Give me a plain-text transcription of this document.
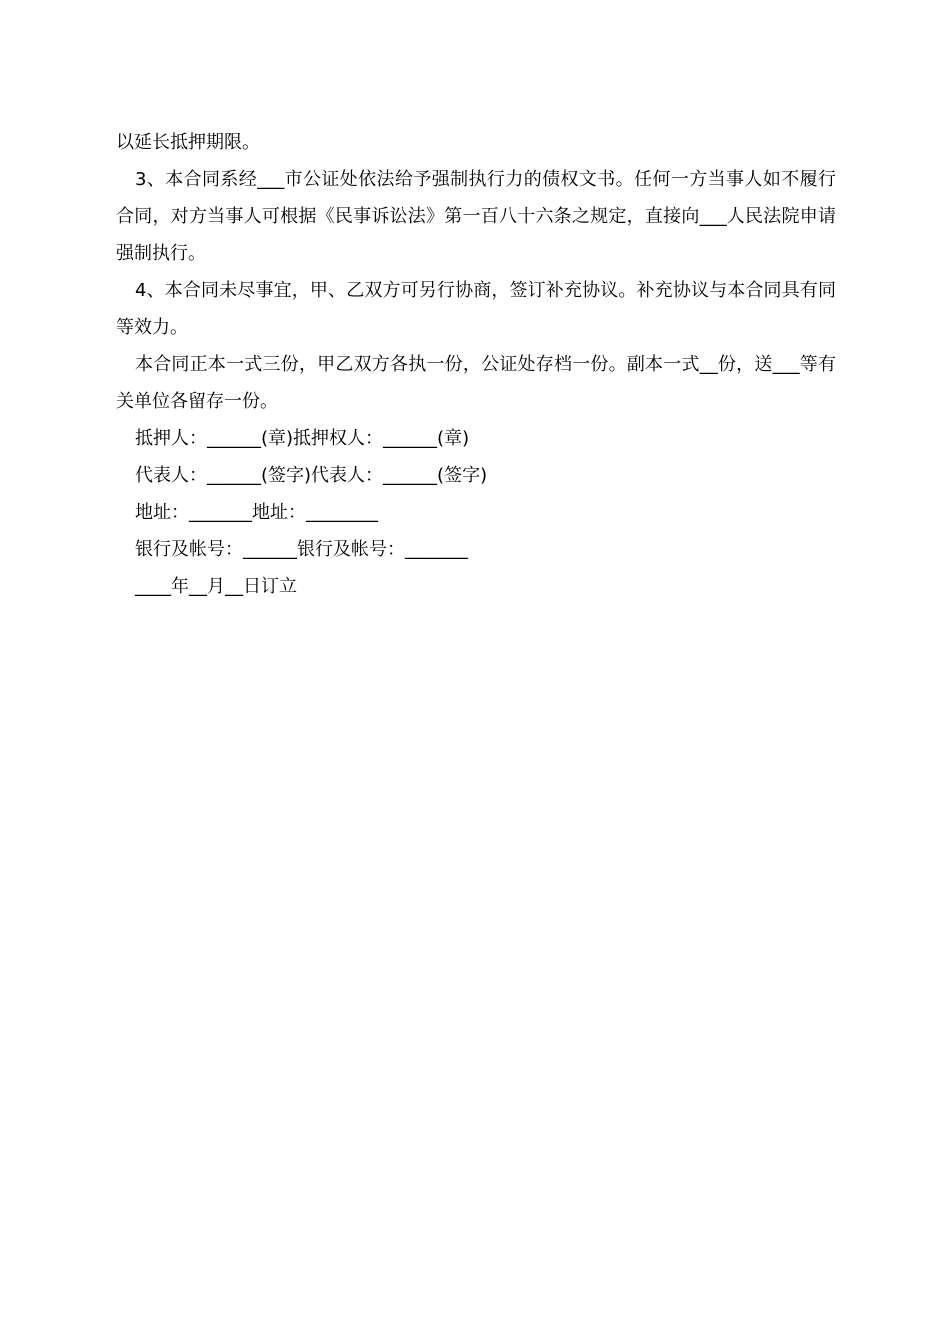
以延长抵押期限。

3、本合同系经___市公证处依法给予强制执行力的债权文书。任何一方当事人如不履行合同，对方当事人可根据《民事诉讼法》第一百八十六条之规定，直接向___人民法院申请强制执行。

4、本合同未尽事宜，甲、乙双方可另行协商，签订补充协议。补充协议与本合同具有同等效力。

本合同正本一式三份，甲乙双方各执一份，公证处存档一份。副本一式__份，送___等有关单位各留存一份。

抵押人：______(章)抵押权人：______(章)
代表人：______(签字)代表人：______(签字)
地址：_______地址：________
银行及帐号：______银行及帐号：_______
____年__月__日订立
